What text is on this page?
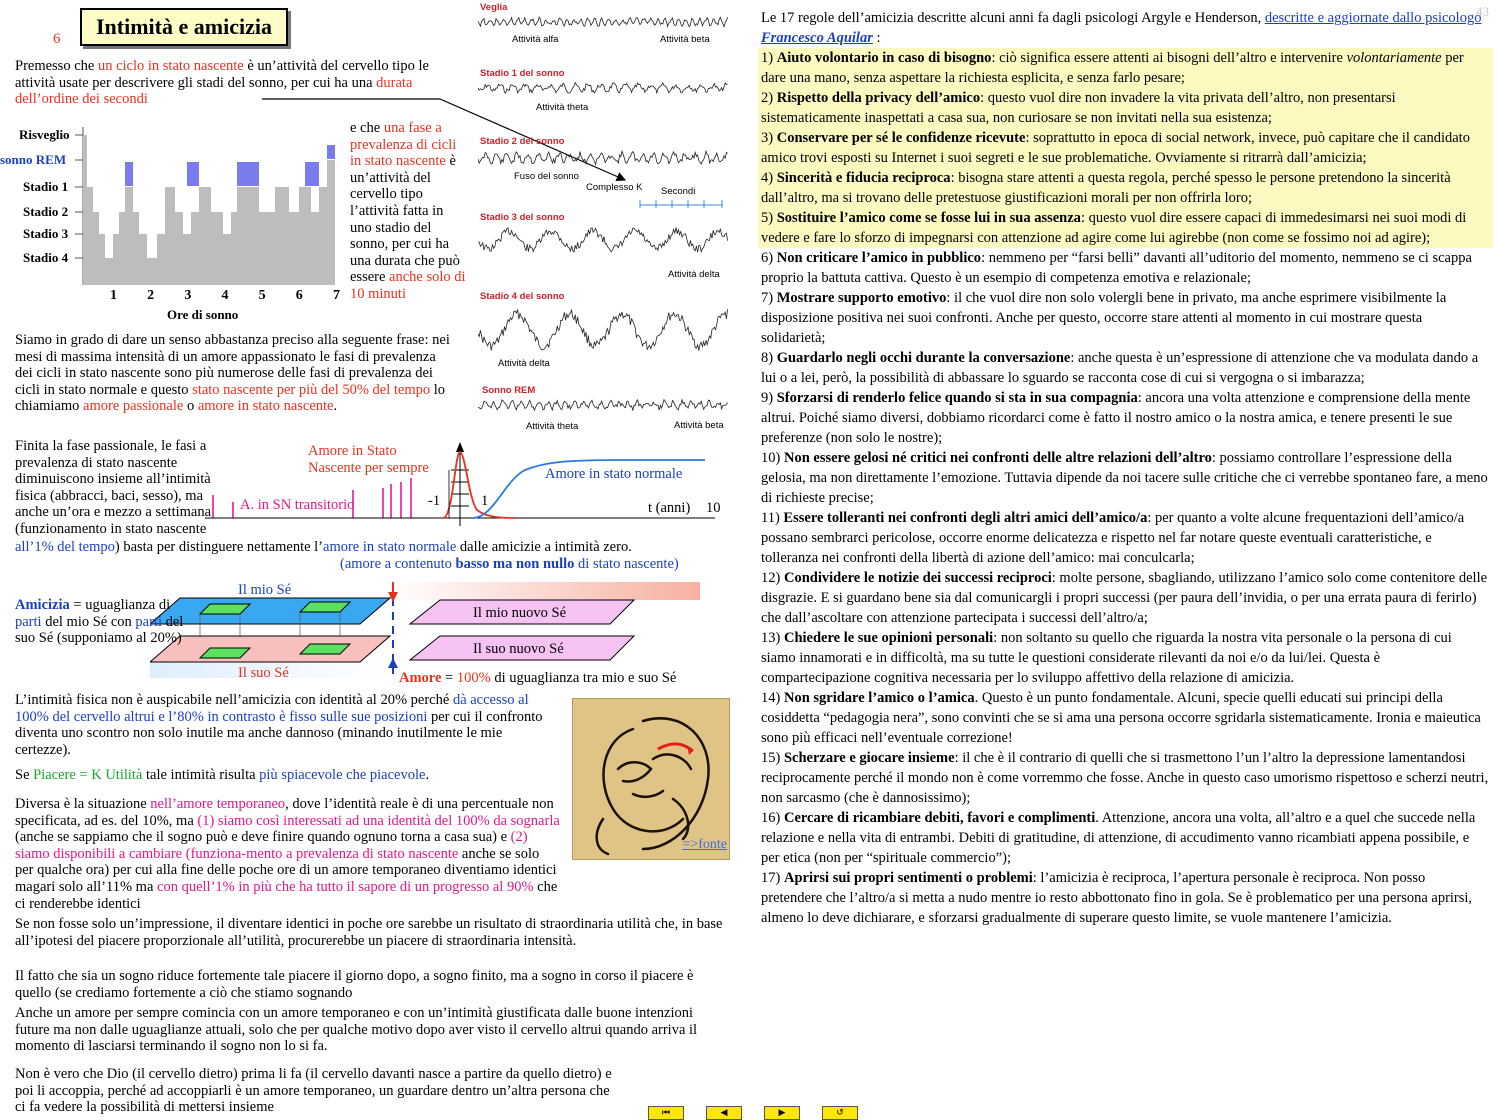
43
6	Intimità e amicizia
Premesso che un ciclo in stato nascente è un’attività del cervello tipo le attività usate per descrivere gli stadi del sonno, per cui ha una durata dell’ordine dei secondi
Risveglio
sonno REM
Stadio 1
Stadio 2
Stadio 3
Stadio 4
1 2 3 4 5 6 7
Ore di sonno
e che una fase a prevalenza di cicli in stato nascente è un’attività del cervello tipo l’attività fatta in uno stadio del sonno, per cui ha una durata che può essere anche solo di 10 minuti
Veglia
Attività alfa	Attività beta
Stadio 1 del sonno
Attività theta
Stadio 2 del sonno
Fuso del sonno
Complesso K Secondi
Stadio 3 del sonno
Attività delta
Stadio 4 del sonno
Attività delta
Sonno REM
Attività theta	Attività beta
Siamo in grado di dare un senso abbastanza preciso alla seguente frase: nei mesi di massima intensità di un amore appassionato le fasi di prevalenza dei cicli in stato nascente sono più numerose delle fasi di prevalenza dei cicli in stato normale e questo stato nascente per più del 50% del tempo lo chiamiamo amore passionale o amore in stato nascente.
Finita la fase passionale, le fasi a prevalenza di stato nascente diminuiscono insieme all’intimità fisica (abbracci, baci, sesso), ma anche un’ora e mezzo a settimana (funzionamento in stato nascente
all’1% del tempo) basta per distinguere nettamente l’amore in stato normale dalle amicizie a intimità zero.
Amore in Stato Nascente per sempre	Amore in stato normale
A. in SN transitorio	t (anni) 10
-1	1
(amore a contenuto basso ma non nullo di stato nascente)
Il mio Sé
Il suo Sé
Il mio nuovo Sé
Il suo nuovo Sé
Amicizia = uguaglianza di parti del mio Sé con parti del suo Sé (supponiamo al 20%)
Amore = 100% di uguaglianza tra mio e suo Sé
L’intimità fisica non è auspicabile nell’amicizia con identità al 20% perché dà accesso al 100% del cervello altrui e l’80% in contrasto è fisso sulle sue posizioni per cui il confronto diventa uno scontro non solo inutile ma anche dannoso (minando inutilmente le mie certezze).
Se Piacere = K Utilità tale intimità risulta più spiacevole che piacevole.
=>fonte
Diversa è la situazione nell’amore temporaneo, dove l’identità reale è di una percentuale non specificata, ad es. del 10%, ma (1) siamo così interessati ad una identità del 100% da sognarla (anche se sappiamo che il sogno può e deve finire quando ognuno torna a casa sua) e (2) siamo disponibili a cambiare (funziona-mento a prevalenza di stato nascente anche se solo per qualche ora) per cui alla fine delle poche ore di un amore temporaneo diventiamo identici magari solo all’11% ma con quell’1% in più che ha tutto il sapore di un progresso al 90% che ci renderebbe identici
Se non fosse solo un’impressione, il diventare identici in poche ore sarebbe un risultato di straordinaria utilità che, in base all’ipotesi del piacere proporzionale all’utilità, procurerebbe un piacere di straordinaria intensità.
Il fatto che sia un sogno riduce fortemente tale piacere il giorno dopo, a sogno finito, ma a sogno in corso il piacere è quello (se crediamo fortemente a ciò che stiamo sognando
Anche un amore per sempre comincia con un amore temporaneo e con un’intimità giustificata dalle buone intenzioni future ma non dalle uguaglianze attuali, solo che per qualche motivo dopo aver visto il cervello altrui quando arriva il momento di lasciarsi terminando il sogno non lo si fa.
Non è vero che Dio (il cervello dietro) prima li fa (il cervello davanti nasce a partire da quello dietro) e poi li accoppia, perché ad accoppiarli è un amore temporaneo, un guardare dentro un’altra persona che ci fa vedere la possibilità di mettersi insieme	⏮	◀	▶	↺

Le 17 regole dell’amicizia descritte alcuni anni fa dagli psicologi Argyle e Henderson, descritte e aggiornate dallo psicologo Francesco Aquilar :

1) Aiuto volontario in caso di bisogno: ciò significa essere attenti ai bisogni dell’altro e intervenire volontariamente per dare una mano, senza aspettare la richiesta esplicita, e senza farlo pesare;

2) Rispetto della privacy dell’amico: questo vuol dire non invadere la vita privata dell’altro, non presentarsi sistematicamente inaspettati a casa sua, non curiosare se non invitati nella sua esistenza;

3) Conservare per sé le confidenze ricevute: soprattutto in epoca di social network, invece, può capitare che il candidato amico trovi esposti su Internet i suoi segreti e le sue problematiche. Ovviamente si ritrarrà dall’amicizia;

4) Sincerità e fiducia reciproca: bisogna stare attenti a questa regola, perché spesso le persone pretendono la sincerità dall’altro, ma si trovano delle pretestuose giustificazioni morali per non offrirla loro;

5) Sostituire l’amico come se fosse lui in sua assenza: questo vuol dire essere capaci di immedesimarsi nei suoi modi di vedere e fare lo sforzo di impegnarsi con attenzione ad agire come lui agirebbe (non come se fossimo noi ad agire);

6) Non criticare l’amico in pubblico: nemmeno per “farsi belli” davanti all’uditorio del momento, nemmeno se ci scappa proprio la battuta cattiva. Questo è un esempio di competenza emotiva e relazionale;

7) Mostrare supporto emotivo: il che vuol dire non solo volergli bene in privato, ma anche esprimere visibilmente la disposizione positiva nei suoi confronti. Anche per questo, occorre stare attenti al momento in cui mostrare questa solidarietà;

8) Guardarlo negli occhi durante la conversazione: anche questa è un’espressione di attenzione che va modulata dando a lui o a lei, però, la possibilità di abbassare lo sguardo se racconta cose di cui si vergogna o si imbarazza;

9) Sforzarsi di renderlo felice quando si sta in sua compagnia: ancora una volta attenzione e comprensione della mente altrui. Poiché siamo diversi, dobbiamo ricordarci come è fatto il nostro amico o la nostra amica, e tenere presenti le sue preferenze (non solo le nostre);

10) Non essere gelosi né critici nei confronti delle altre relazioni dell’altro: possiamo controllare l’espressione della gelosia, ma non direttamente l’emozione. Tuttavia dipende da noi tacere sulle critiche che ci verrebbe spontaneo fare, a meno di richieste precise;

11) Essere tolleranti nei confronti degli altri amici dell’amico/a: per quanto a volte alcune frequentazioni dell’amico/a possano sembrarci pericolose, occorre enorme delicatezza e rispetto nel far notare queste eventuali caratteristiche, e tolleranza nei confronti della libertà di azione dell’amico: mai conculcarla;

12) Condividere le notizie dei successi reciproci: molte persone, sbagliando, utilizzano l’amico solo come contenitore delle disgrazie. E si guardano bene sia dal comunicargli i propri successi (per paura dell’invidia, o per una errata paura di ferirlo) che dall’ascoltare con attenzione partecipata i successi dell’altro/a;

13) Chiedere le sue opinioni personali: non soltanto su quello che riguarda la nostra vita personale o la persona di cui siamo innamorati e in difficoltà, ma su tutte le questioni considerate rilevanti da noi e/o da lui/lei. Questa è compartecipazione cognitiva necessaria per lo sviluppo affettivo della relazione di amicizia.

14) Non sgridare l’amico o l’amica. Questo è un punto fondamentale. Alcuni, specie quelli educati sui principi della cosiddetta “pedagogia nera”, sono convinti che se si ama una persona occorre sgridarla sistematicamente. Ironia e maieutica sono più efficaci nell’eventuale correzione!

15) Scherzare e giocare insieme: il che è il contrario di quelli che si trasmettono l’un l’altro la depressione lamentandosi reciprocamente perché il mondo non è come vorremmo che fosse. Anche in questo caso umorismo rispettoso e scherzi neutri, non sarcasmo (che è dannosissimo);

16) Cercare di ricambiare debiti, favori e complimenti. Attenzione, ancora una volta, all’altro e a quel che succede nella relazione e nella vita di entrambi. Debiti di gratitudine, di attenzione, di accudimento vanno ricambiati appena possibile, e per etica (non per “spirituale commercio”);

17) Aprirsi sui propri sentimenti o problemi: l’amicizia è reciproca, l’apertura personale è reciproca. Non posso pretendere che l’altro/a si metta a nudo mentre io resto abbottonato fino in gola. Se è problematico per una persona aprirsi, almeno lo deve dichiarare, e sforzarsi gradualmente di superare questo limite, se vuole mantenere l’amicizia.
